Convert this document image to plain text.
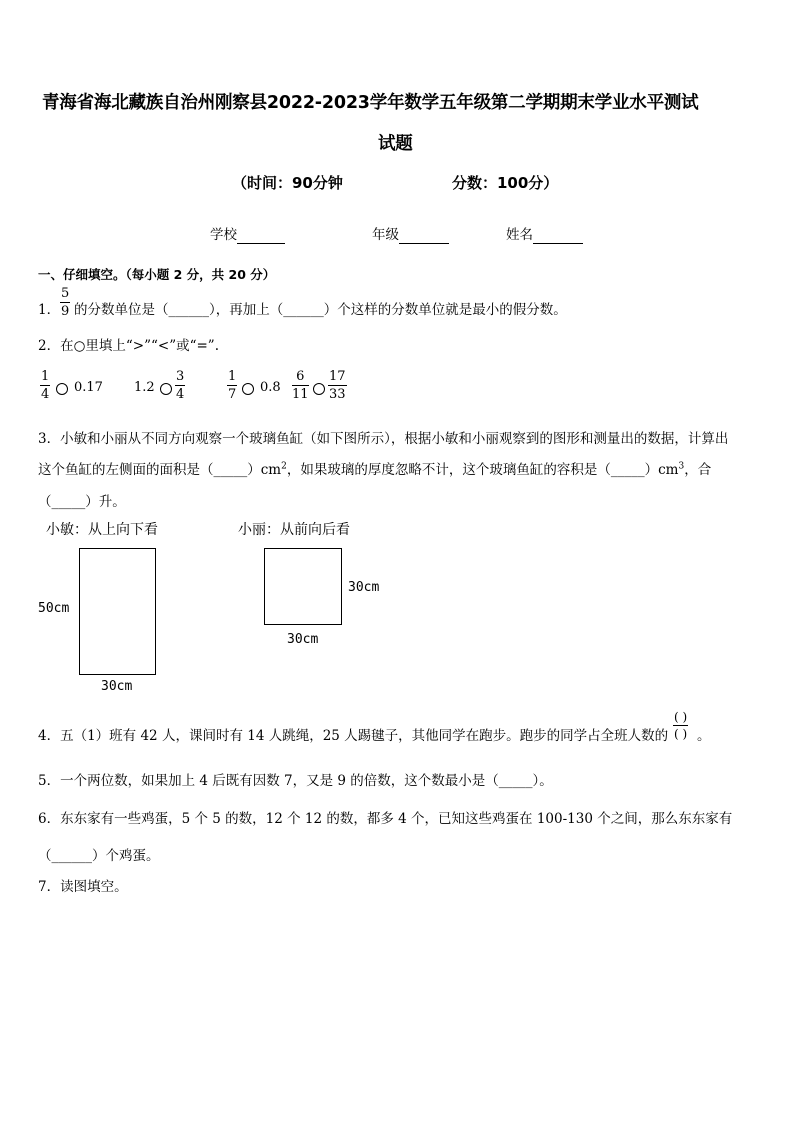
青海省海北藏族自治州刚察县2022-2023学年数学五年级第二学期期末学业水平测试
试题
（时间：90分钟	分数：100分）
学校	年级	姓名
一、仔细填空。（每小题 2 分，共 20 分）
1． $\frac{5}{9}$ 的分数单位是（______），再加上（______）个这样的分数单位就是最小的假分数。
2．在○里填上“>”“<”或“=”.
$\frac{1}{4} 0.17$ $1.2 \frac{3}{4}$	$\frac{1}{7} 0.8 \frac{6}{11} \frac{17}{33}$
3．小敏和小丽从不同方向观察一个玻璃鱼缸（如下图所示），根据小敏和小丽观察到的图形和测量出的数据，计算出
这个鱼缸的左侧面的面积是$(\_\_\_\_\_)cm^2$，如果玻璃的厚度忽略不计，这个玻璃鱼缸的容积是$(\_\_\_\_\_)cm^3$，合
（_____）升。
小敏：从上向下看	小丽：从前向后看
50cm
30cm
30cm
30cm
4．五（1）班有 42 人，课间时有 14 人跳绳，25 人踢毽子，其他同学在跑步。跑步的同学占全班人数的
( )
( ) 。
5．一个两位数，如果加上 4 后既有因数 7，又是 9 的倍数，这个数最小是（_____）。
6．东东家有一些鸡蛋，5 个 5 的数，12 个 12 的数，都多 4 个，已知这些鸡蛋在 100-130 个之间，那么东东家有
（______）个鸡蛋。
7．读图填空。
